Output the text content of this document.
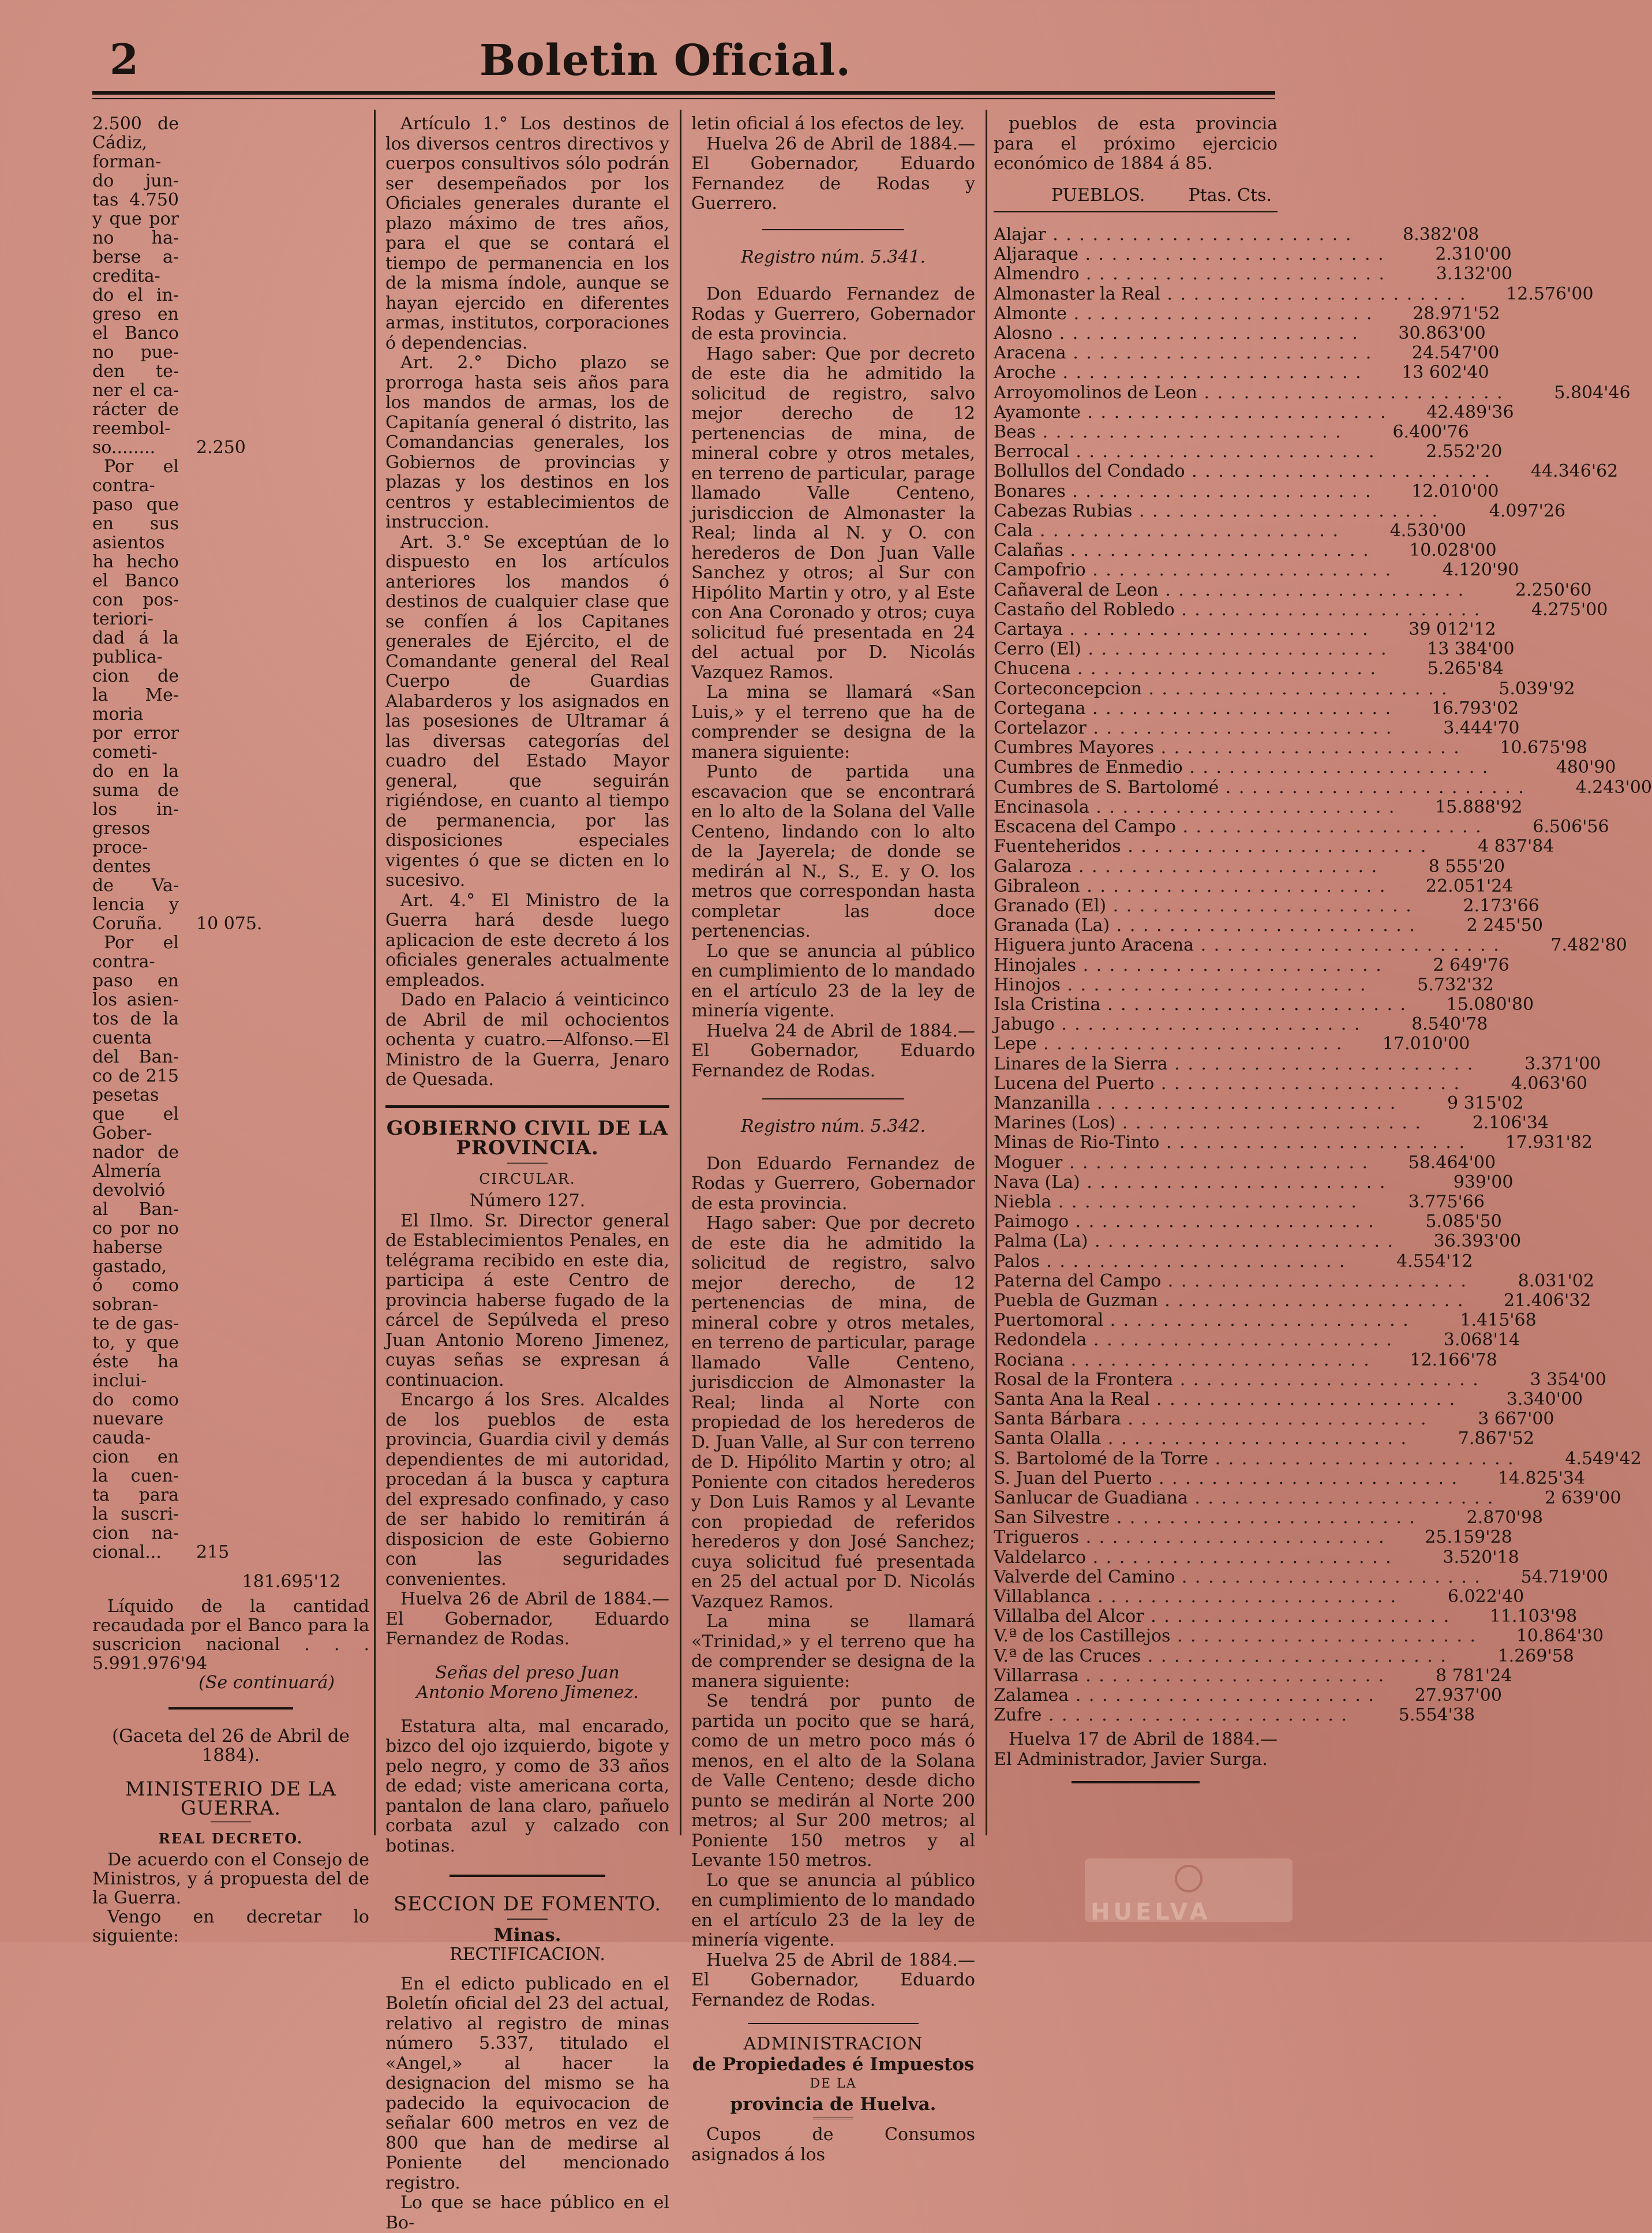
2	Boletin Oficial.
2.500 de
Cádiz,
forman-
do jun-
tas 4.750
y que por
no ha-
berse a-
credita-
do el in-
greso en
el Banco
no pue-
den te-
ner el ca-
rácter de
reembol-
so........	2.250
Por el
contra-
paso que
en sus
asientos
ha hecho
el Banco
con pos-
teriori-
dad á la
publica-
cion de
la Me-
moria
por error
cometi-
do en la
suma de
los in-
gresos
proce-
dentes
de Va-
lencia y
Coruña.	10 075.
Por el
contra-
paso en
los asien-
tos de la
cuenta
del Ban-
co de 215
pesetas
que el
Gober-
nador de
Almería
devolvió
al Ban-
co por no
haberse
gastado,
ó como
sobran-
te de gas-
to, y que
éste ha
inclui-
do como
nuevare
cauda-
cion en
la cuen-
ta para
la suscri-
cion na-
cional...	215
181.695'12

Líquido de la cantidad recaudada por el Banco para la suscricion nacional . . . 5.991.976'94

(Se continuará)
(Gaceta del 26 de Abril de 1884).
MINISTERIO DE LA GUERRA.
REAL DECRETO.

De acuerdo con el Consejo de Ministros, y á propuesta del de la Guerra.

Vengo en decretar lo siguiente:

Artículo 1.° Los destinos de los diversos centros directivos y cuerpos consultivos sólo podrán ser desempeñados por los Oficiales generales durante el plazo máximo de tres años, para el que se contará el tiempo de permanencia en los de la misma índole, aunque se hayan ejercido en diferentes armas, institutos, corporaciones ó dependencias.

Art. 2.° Dicho plazo se prorroga hasta seis años para los mandos de armas, los de Capitanía general ó distrito, las Comandancias generales, los Gobiernos de provincias y plazas y los destinos en los centros y establecimientos de instruccion.

Art. 3.° Se exceptúan de lo dispuesto en los artículos anteriores los mandos ó destinos de cualquier clase que se confíen á los Capitanes generales de Ejército, el de Comandante general del Real Cuerpo de Guardias Alabarderos y los asignados en las posesiones de Ultramar á las diversas categorías del cuadro del Estado Mayor general, que seguirán rigiéndose, en cuanto al tiempo de permanencia, por las disposiciones especiales vigentes ó que se dicten en lo sucesivo.

Art. 4.° El Ministro de la Guerra hará desde luego aplicacion de este decreto á los oficiales generales actualmente empleados.

Dado en Palacio á veinticinco de Abril de mil ochocientos ochenta y cuatro.—Alfonso.—El Ministro de la Guerra, Jenaro de Quesada.

GOBIERNO CIVIL DE LA PROVINCIA.
CIRCULAR.
Número 127.

El Ilmo. Sr. Director general de Establecimientos Penales, en telégrama recibido en este dia, participa á este Centro de provincia haberse fugado de la cárcel de Sepúlveda el preso Juan Antonio Moreno Jimenez, cuyas señas se expresan á continuacion.

Encargo á los Sres. Alcaldes de los pueblos de esta provincia, Guardia civil y demás dependientes de mi autoridad, procedan á la busca y captura del expresado confinado, y caso de ser habido lo remitirán á disposicion de este Gobierno con las seguridades convenientes.

Huelva 26 de Abril de 1884.—El Gobernador, Eduardo Fernandez de Rodas.

Señas del preso Juan Antonio Moreno Jimenez.

Estatura alta, mal encarado, bizco del ojo izquierdo, bigote y pelo negro, y como de 33 años de edad; viste americana corta, pantalon de lana claro, pañuelo corbata azul y calzado con botinas.

SECCION DE FOMENTO.
Minas.
RECTIFICACION.

En el edicto publicado en el Boletín oficial del 23 del actual, relativo al registro de minas número 5.337, titulado el «Angel,» al hacer la designacion del mismo se ha padecido la equivocacion de señalar 600 metros en vez de 800 que han de medirse al Poniente del mencionado registro.

Lo que se hace público en el Bo-

letin oficial á los efectos de ley.

Huelva 26 de Abril de 1884.—El Gobernador, Eduardo Fernandez de Rodas y Guerrero.

Registro núm. 5.341.

Don Eduardo Fernandez de Rodas y Guerrero, Gobernador de esta provincia.

Hago saber: Que por decreto de este dia he admitido la solicitud de registro, salvo mejor derecho de 12 pertenencias de mina, de mineral cobre y otros metales, en terreno de particular, parage llamado Valle Centeno, jurisdiccion de Almonaster la Real; linda al N. y O. con herederos de Don Juan Valle Sanchez y otros; al Sur con Hipólito Martin y otro, y al Este con Ana Coronado y otros; cuya solicitud fué presentada en 24 del actual por D. Nicolás Vazquez Ramos.

La mina se llamará «San Luis,» y el terreno que ha de comprender se designa de la manera siguiente:

Punto de partida una escavacion que se encontrará en lo alto de la Solana del Valle Centeno, lindando con lo alto de la Jayerela; de donde se medirán al N., S., E. y O. los metros que correspondan hasta completar las doce pertenencias.

Lo que se anuncia al público en cumplimiento de lo mandado en el artículo 23 de la ley de minería vigente.

Huelva 24 de Abril de 1884.—El Gobernador, Eduardo Fernandez de Rodas.

Registro núm. 5.342.

Don Eduardo Fernandez de Rodas y Guerrero, Gobernador de esta provincia.

Hago saber: Que por decreto de este dia he admitido la solicitud de registro, salvo mejor derecho, de 12 pertenencias de mina, de mineral cobre y otros metales, en terreno de particular, parage llamado Valle Centeno, jurisdiccion de Almonaster la Real; linda al Norte con propiedad de los herederos de D. Juan Valle, al Sur con terreno de D. Hipólito Martin y otro; al Poniente con citados herederos y Don Luis Ramos y al Levante con propiedad de referidos herederos y don José Sanchez; cuya solicitud fué presentada en 25 del actual por D. Nicolás Vazquez Ramos.

La mina se llamará «Trinidad,» y el terreno que ha de comprender se designa de la manera siguiente:

Se tendrá por punto de partida un pocito que se hará, como de un metro poco más ó menos, en el alto de la Solana de Valle Centeno; desde dicho punto se medirán al Norte 200 metros; al Sur 200 metros; al Poniente 150 metros y al Levante 150 metros.

Lo que se anuncia al público en cumplimiento de lo mandado en el artículo 23 de la ley de minería vigente.

Huelva 25 de Abril de 1884.—El Gobernador, Eduardo Fernandez de Rodas.

ADMINISTRACION
de Propiedades é Impuestos
DE LA
provincia de Huelva.

Cupos de Consumos asignados á los

pueblos de esta provincia para el próximo ejercicio económico de 1884 á 85.

PUEBLOS.	Ptas. Cts.
Alajar . . .	8.382'08
Aljaraque . . .	2.310'00
Almendro . . .	3.132'00
Almonaster la Real . . .	12.576'00
Almonte . . .	28.971'52
Alosno . . .	30.863'00
Aracena . . .	24.547'00
Aroche . . .	13 602'40
Arroyomolinos de Leon . . .	5.804'46
Ayamonte . . .	42.489'36
Beas . . .	6.400'76
Berrocal . . .	2.552'20
Bollullos del Condado . . .	44.346'62
Bonares . . .	12.010'00
Cabezas Rubias . . .	4.097'26
Cala . . .	4.530'00
Calañas . . .	10.028'00
Campofrio . . .	4.120'90
Cañaveral de Leon . . .	2.250'60
Castaño del Robledo . . .	4.275'00
Cartaya . . .	39 012'12
Cerro (El) . . .	13 384'00
Chucena . . .	5.265'84
Corteconcepcion . . .	5.039'92
Cortegana . . .	16.793'02
Cortelazor . . .	3.444'70
Cumbres Mayores . . .	10.675'98
Cumbres de Enmedio . . .	480'90
Cumbres de S. Bartolomé . . .	4.243'00
Encinasola . . .	15.888'92
Escacena del Campo . . .	6.506'56
Fuenteheridos . . .	4 837'84
Galaroza . . .	8 555'20
Gibraleon . . .	22.051'24
Granado (El) . . .	2.173'66
Granada (La) . . .	2 245'50
Higuera junto Aracena . . .	7.482'80
Hinojales . . .	2 649'76
Hinojos . . .	5.732'32
Isla Cristina . . .	15.080'80
Jabugo . . .	8.540'78
Lepe . . .	17.010'00
Linares de la Sierra . . .	3.371'00
Lucena del Puerto . . .	4.063'60
Manzanilla . . .	9 315'02
Marines (Los) . . .	2.106'34
Minas de Rio-Tinto . . .	17.931'82
Moguer . . .	58.464'00
Nava (La) . . .	939'00
Niebla . . .	3.775'66
Paimogo . . .	5.085'50
Palma (La) . . .	36.393'00
Palos . . .	4.554'12
Paterna del Campo . . .	8.031'02
Puebla de Guzman . . .	21.406'32
Puertomoral . . .	1.415'68
Redondela . . .	3.068'14
Rociana . . .	12.166'78
Rosal de la Frontera . . .	3 354'00
Santa Ana la Real . . .	3.340'00
Santa Bárbara . . .	3 667'00
Santa Olalla . . .	7.867'52
S. Bartolomé de la Torre . . .	4.549'42
S. Juan del Puerto . . .	14.825'34
Sanlucar de Guadiana . . .	2 639'00
San Silvestre . . .	2.870'98
Trigueros . . .	25.159'28
Valdelarco . . .	3.520'18
Valverde del Camino . . .	54.719'00
Villablanca . . .	6.022'40
Villalba del Alcor . . .	11.103'98
V.ª de los Castillejos . . .	10.864'30
V.ª de las Cruces . . .	1.269'58
Villarrasa . . .	8 781'24
Zalamea . . .	27.937'00
Zufre . . .	5.554'38

Huelva 17 de Abril de 1884.—El Administrador, Javier Surga.

HUELVA
